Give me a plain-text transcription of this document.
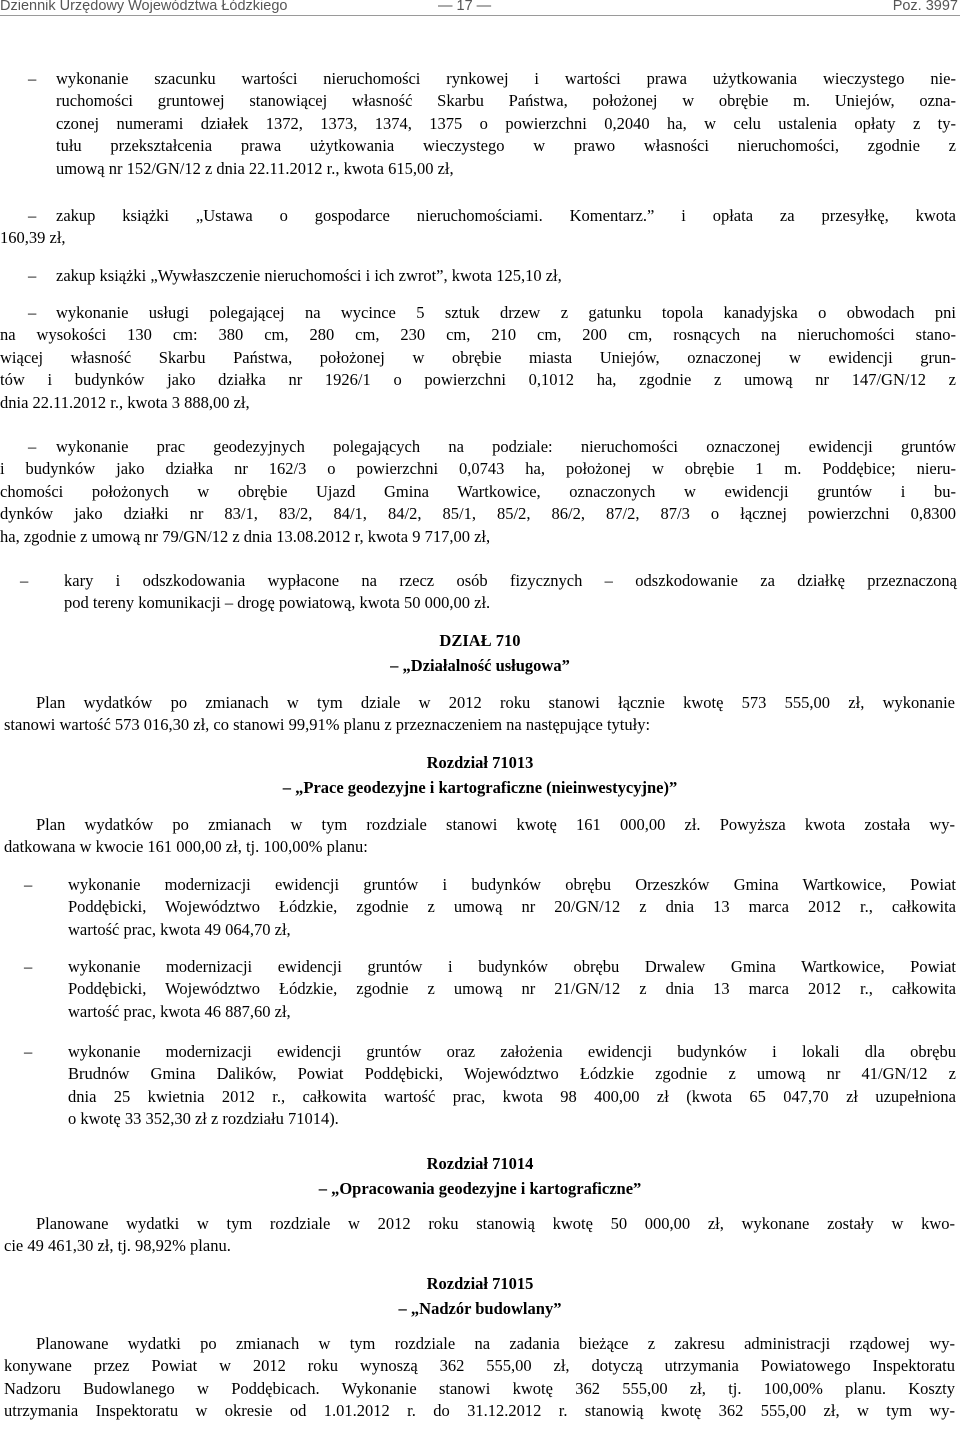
Dziennik Urzędowy Województwa Łódzkiego	— 17 —	Poz. 3997
– wykonanie szacunku wartości nieruchomości rynkowej i wartości prawa użytkowania wieczystego nie-
ruchomości gruntowej stanowiącej własność Skarbu Państwa, położonej w obrębie m. Uniejów, ozna-
czonej numerami działek 1372, 1373, 1374, 1375 o powierzchni 0,2040 ha, w celu ustalenia opłaty z ty-
tułu przekształcenia prawa użytkowania wieczystego w prawo własności nieruchomości, zgodnie z
umową nr 152/GN/12 z dnia 22.11.2012 r., kwota 615,00 zł,
– zakup książki „Ustawa o gospodarce nieruchomościami. Komentarz.” i opłata za przesyłkę, kwota
160,39 zł,
– zakup książki „Wywłaszczenie nieruchomości i ich zwrot”, kwota 125,10 zł,
– wykonanie usługi polegającej na wycince 5 sztuk drzew z gatunku topola kanadyjska o obwodach pni
na wysokości 130 cm: 380 cm, 280 cm, 230 cm, 210 cm, 200 cm, rosnących na nieruchomości stano-
wiącej własność Skarbu Państwa, położonej w obrębie miasta Uniejów, oznaczonej w ewidencji grun-
tów i budynków jako działka nr 1926/1 o powierzchni 0,1012 ha, zgodnie z umową nr 147/GN/12 z
dnia 22.11.2012 r., kwota 3 888,00 zł,
– wykonanie prac geodezyjnych polegających na podziale: nieruchomości oznaczonej ewidencji gruntów
i budynków jako działka nr 162/3 o powierzchni 0,0743 ha, położonej w obrębie 1 m. Poddębice; nieru-
chomości położonych w obrębie Ujazd Gmina Wartkowice, oznaczonych w ewidencji gruntów i bu-
dynków jako działki nr 83/1, 83/2, 84/1, 84/2, 85/1, 85/2, 86/2, 87/2, 87/3 o łącznej powierzchni 0,8300
ha, zgodnie z umową nr 79/GN/12 z dnia 13.08.2012 r, kwota 9 717,00 zł,
– kary i odszkodowania wypłacone na rzecz osób fizycznych – odszkodowanie za działkę przeznaczoną
pod tereny komunikacji – drogę powiatową, kwota 50 000,00 zł.
DZIAŁ 710
– „Działalność usługowa”
Plan wydatków po zmianach w tym dziale w 2012 roku stanowi łącznie kwotę 573 555,00 zł, wykonanie
stanowi wartość 573 016,30 zł, co stanowi 99,91% planu z przeznaczeniem na następujące tytuły:
Rozdział 71013
– „Prace geodezyjne i kartograficzne (nieinwestycyjne)”
Plan wydatków po zmianach w tym rozdziale stanowi kwotę 161 000,00 zł. Powyższa kwota została wy-
datkowana w kwocie 161 000,00 zł, tj. 100,00% planu:
– wykonanie modernizacji ewidencji gruntów i budynków obrębu Orzeszków Gmina Wartkowice, Powiat
Poddębicki, Województwo Łódzkie, zgodnie z umową nr 20/GN/12 z dnia 13 marca 2012 r., całkowita
wartość prac, kwota 49 064,70 zł,
– wykonanie modernizacji ewidencji gruntów i budynków obrębu Drwalew Gmina Wartkowice, Powiat
Poddębicki, Województwo Łódzkie, zgodnie z umową nr 21/GN/12 z dnia 13 marca 2012 r., całkowita
wartość prac, kwota 46 887,60 zł,
– wykonanie modernizacji ewidencji gruntów oraz założenia ewidencji budynków i lokali dla obrębu
Brudnów Gmina Dalików, Powiat Poddębicki, Województwo Łódzkie zgodnie z umową nr 41/GN/12 z
dnia 25 kwietnia 2012 r., całkowita wartość prac, kwota 98 400,00 zł (kwota 65 047,70 zł uzupełniona
o kwotę 33 352,30 zł z rozdziału 71014).
Rozdział 71014
– „Opracowania geodezyjne i kartograficzne”
Planowane wydatki w tym rozdziale w 2012 roku stanowią kwotę 50 000,00 zł, wykonane zostały w kwo-
cie 49 461,30 zł, tj. 98,92% planu.
Rozdział 71015
– „Nadzór budowlany”
Planowane wydatki po zmianach w tym rozdziale na zadania bieżące z zakresu administracji rządowej wy-
konywane przez Powiat w 2012 roku wynoszą 362 555,00 zł, dotyczą utrzymania Powiatowego Inspektoratu
Nadzoru Budowlanego w Poddębicach. Wykonanie stanowi kwotę 362 555,00 zł, tj. 100,00% planu. Koszty
utrzymania Inspektoratu w okresie od 1.01.2012 r. do 31.12.2012 r. stanowią kwotę 362 555,00 zł, w tym wy-
